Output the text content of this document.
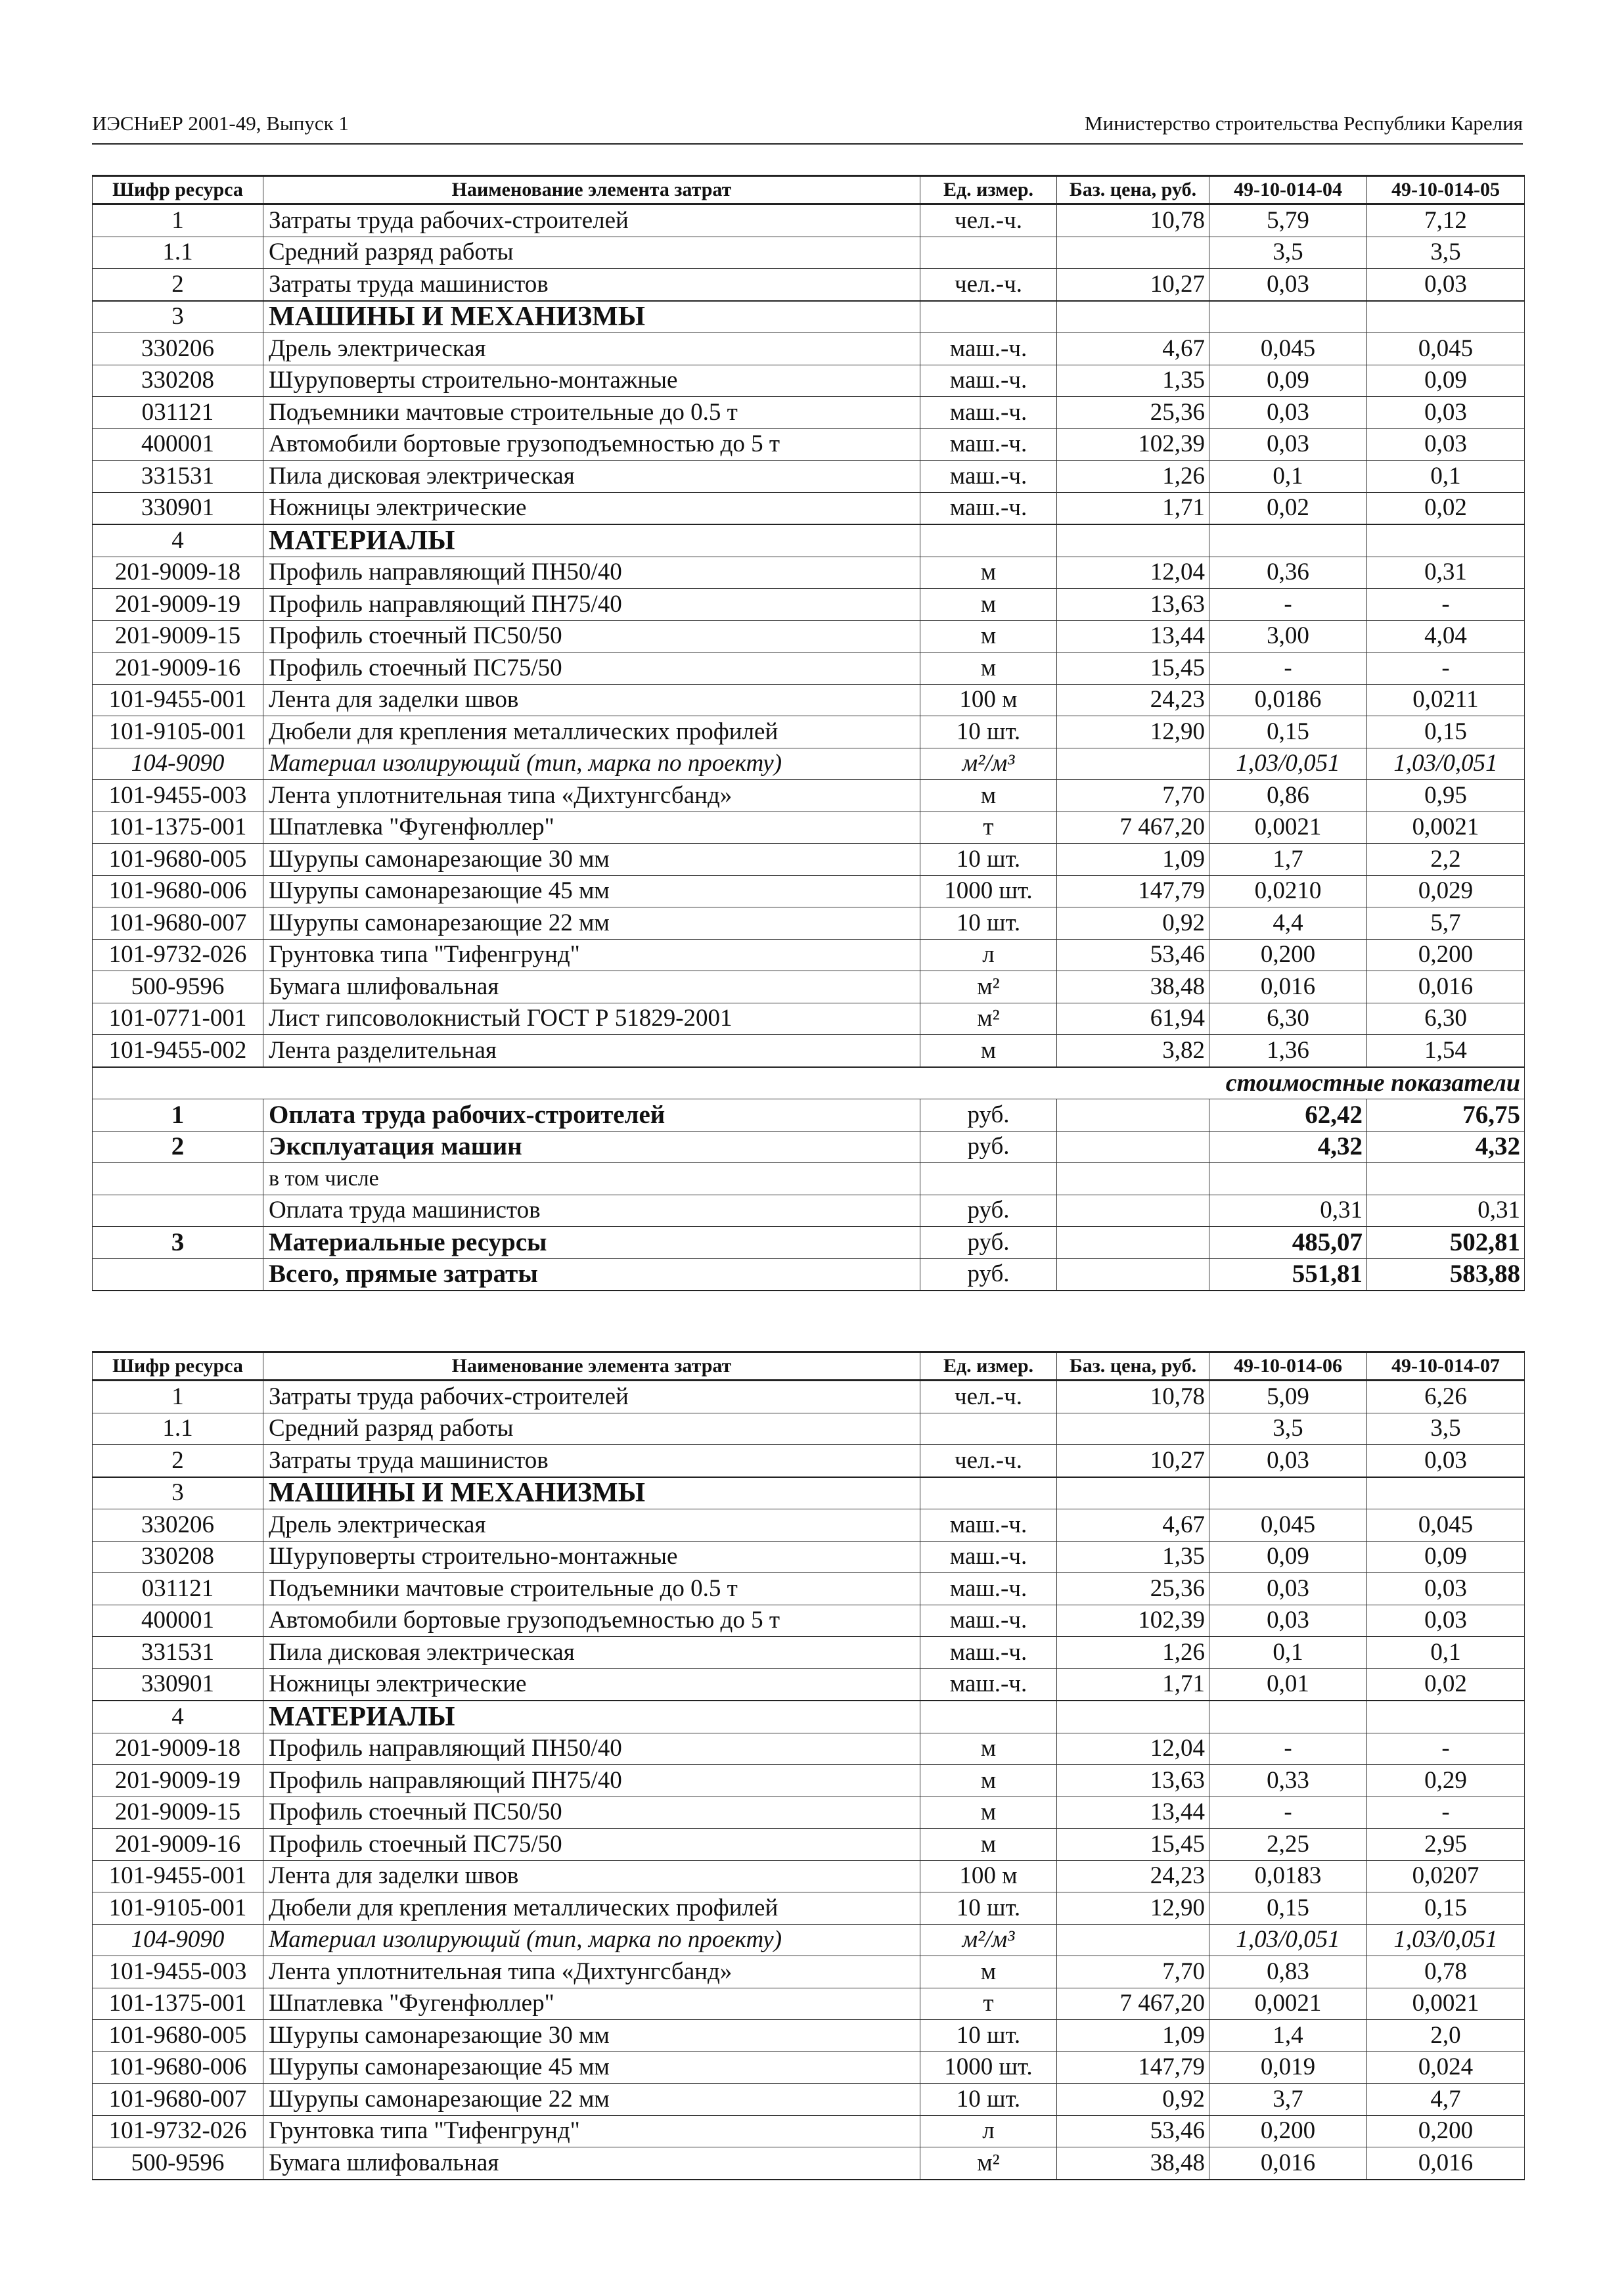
ИЭСНиЕР 2001-49, Выпуск 1	Министерство строительства Республики Карелия
Шифр ресурса	Наименование элемента затрат	Ед. измер.	Баз. цена, руб.	49-10-014-04	49-10-014-05
1	Затраты труда рабочих-строителей	чел.-ч.	10,78	5,79	7,12
1.1	Средний разряд работы			3,5	3,5
2	Затраты труда машинистов	чел.-ч.	10,27	0,03	0,03
3	МАШИНЫ И МЕХАНИЗМЫ				
330206	Дрель электрическая	маш.-ч.	4,67	0,045	0,045
330208	Шуруповерты строительно-монтажные	маш.-ч.	1,35	0,09	0,09
031121	Подъемники мачтовые строительные до 0.5 т	маш.-ч.	25,36	0,03	0,03
400001	Автомобили бортовые грузоподъемностью до 5 т	маш.-ч.	102,39	0,03	0,03
331531	Пила дисковая электрическая	маш.-ч.	1,26	0,1	0,1
330901	Ножницы электрические	маш.-ч.	1,71	0,02	0,02
4	МАТЕРИАЛЫ				
201-9009-18	Профиль направляющий ПН50/40	м	12,04	0,36	0,31
201-9009-19	Профиль направляющий ПН75/40	м	13,63	-	-
201-9009-15	Профиль стоечный ПС50/50	м	13,44	3,00	4,04
201-9009-16	Профиль стоечный ПС75/50	м	15,45	-	-
101-9455-001	Лента для заделки швов	100 м	24,23	0,0186	0,0211
101-9105-001	Дюбели для крепления металлических профилей	10 шт.	12,90	0,15	0,15
104-9090	Материал изолирующий (тип, марка по проекту)	м²/м³		1,03/0,051	1,03/0,051
101-9455-003	Лента уплотнительная типа «Дихтунгсбанд»	м	7,70	0,86	0,95
101-1375-001	Шпатлевка "Фугенфюллер"	т	7 467,20	0,0021	0,0021
101-9680-005	Шурупы самонарезающие 30 мм	10 шт.	1,09	1,7	2,2
101-9680-006	Шурупы самонарезающие 45 мм	1000 шт.	147,79	0,0210	0,029
101-9680-007	Шурупы самонарезающие 22 мм	10 шт.	0,92	4,4	5,7
101-9732-026	Грунтовка типа "Тифенгрунд"	л	53,46	0,200	0,200
500-9596	Бумага шлифовальная	м²	38,48	0,016	0,016
101-0771-001	Лист гипсоволокнистый ГОСТ Р 51829-2001	м²	61,94	6,30	6,30
101-9455-002	Лента разделительная	м	3,82	1,36	1,54
стоимостные показатели					
1	Оплата труда рабочих-строителей	руб.		62,42	76,75
2	Эксплуатация машин	руб.		4,32	4,32
	в том числе				
	Оплата труда машинистов	руб.		0,31	0,31
3	Материальные ресурсы	руб.		485,07	502,81
	Всего, прямые затраты	руб.		551,81	583,88
Шифр ресурса	Наименование элемента затрат	Ед. измер.	Баз. цена, руб.	49-10-014-06	49-10-014-07
1	Затраты труда рабочих-строителей	чел.-ч.	10,78	5,09	6,26
1.1	Средний разряд работы			3,5	3,5
2	Затраты труда машинистов	чел.-ч.	10,27	0,03	0,03
3	МАШИНЫ И МЕХАНИЗМЫ				
330206	Дрель электрическая	маш.-ч.	4,67	0,045	0,045
330208	Шуруповерты строительно-монтажные	маш.-ч.	1,35	0,09	0,09
031121	Подъемники мачтовые строительные до 0.5 т	маш.-ч.	25,36	0,03	0,03
400001	Автомобили бортовые грузоподъемностью до 5 т	маш.-ч.	102,39	0,03	0,03
331531	Пила дисковая электрическая	маш.-ч.	1,26	0,1	0,1
330901	Ножницы электрические	маш.-ч.	1,71	0,01	0,02
4	МАТЕРИАЛЫ				
201-9009-18	Профиль направляющий ПН50/40	м	12,04	-	-
201-9009-19	Профиль направляющий ПН75/40	м	13,63	0,33	0,29
201-9009-15	Профиль стоечный ПС50/50	м	13,44	-	-
201-9009-16	Профиль стоечный ПС75/50	м	15,45	2,25	2,95
101-9455-001	Лента для заделки швов	100 м	24,23	0,0183	0,0207
101-9105-001	Дюбели для крепления металлических профилей	10 шт.	12,90	0,15	0,15
104-9090	Материал изолирующий (тип, марка по проекту)	м²/м³		1,03/0,051	1,03/0,051
101-9455-003	Лента уплотнительная типа «Дихтунгсбанд»	м	7,70	0,83	0,78
101-1375-001	Шпатлевка "Фугенфюллер"	т	7 467,20	0,0021	0,0021
101-9680-005	Шурупы самонарезающие 30 мм	10 шт.	1,09	1,4	2,0
101-9680-006	Шурупы самонарезающие 45 мм	1000 шт.	147,79	0,019	0,024
101-9680-007	Шурупы самонарезающие 22 мм	10 шт.	0,92	3,7	4,7
101-9732-026	Грунтовка типа "Тифенгрунд"	л	53,46	0,200	0,200
500-9596	Бумага шлифовальная	м²	38,48	0,016	0,016
